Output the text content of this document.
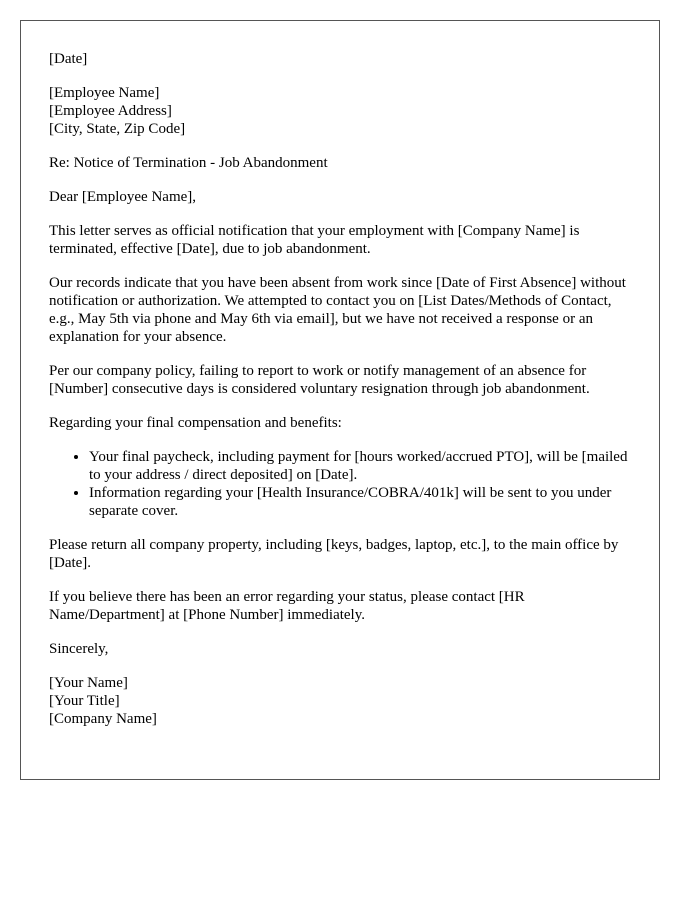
[Date]

[Employee Name]
[Employee Address]
[City, State, Zip Code]

Re: Notice of Termination - Job Abandonment

Dear [Employee Name],

This letter serves as official notification that your employment with [Company Name] is terminated, effective [Date], due to job abandonment.

Our records indicate that you have been absent from work since [Date of First Absence] without notification or authorization. We attempted to contact you on [List Dates/Methods of Contact, e.g., May 5th via phone and May 6th via email], but we have not received a response or an explanation for your absence.

Per our company policy, failing to report to work or notify management of an absence for [Number] consecutive days is considered voluntary resignation through job abandonment.

Regarding your final compensation and benefits:

• Your final paycheck, including payment for [hours worked/accrued PTO], will be [mailed to your address / direct deposited] on [Date].
• Information regarding your [Health Insurance/COBRA/401k] will be sent to you under separate cover.

Please return all company property, including [keys, badges, laptop, etc.], to the main office by [Date].

If you believe there has been an error regarding your status, please contact [HR Name/Department] at [Phone Number] immediately.

Sincerely,

[Your Name]
[Your Title]
[Company Name]
